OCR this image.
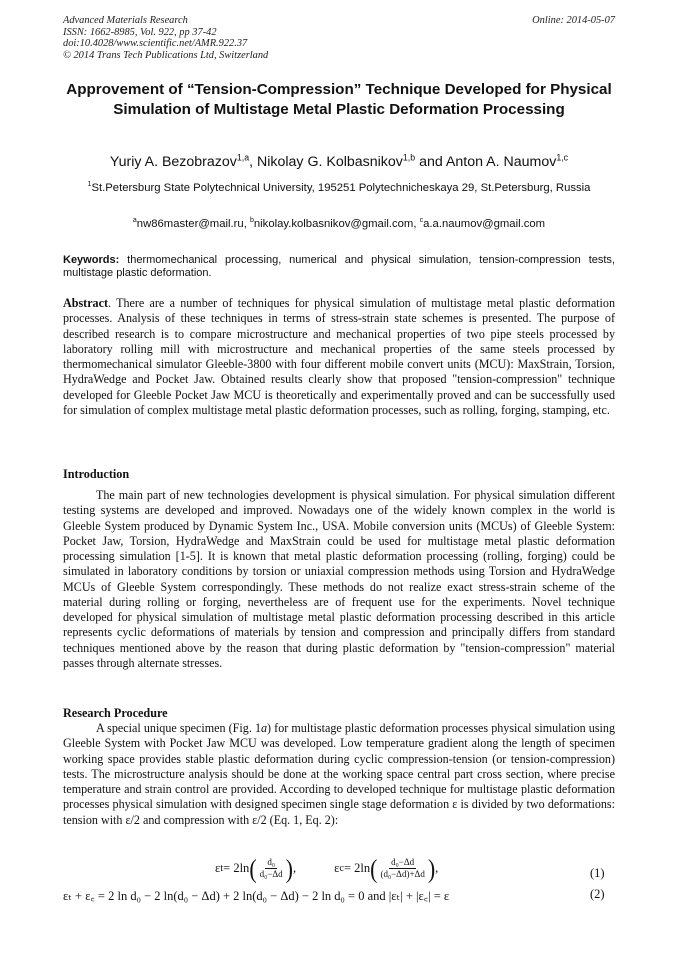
Advanced Materials Research
ISSN: 1662-8985, Vol. 922, pp 37-42
doi:10.4028/www.scientific.net/AMR.922.37
© 2014 Trans Tech Publications Ltd, Switzerland
Online: 2014-05-07
Approvement of “Tension-Compression” Technique Developed for Physical Simulation of Multistage Metal Plastic Deformation Processing
Yuriy A. Bezobrazov$^{1,a}$, Nikolay G. Kolbasnikov$^{1,b}$ and Anton A. Naumov$^{1,c}$
$^1$St.Petersburg State Polytechnical University, 195251 Polytechnicheskaya 29, St.Petersburg, Russia
$^a$nw86master@mail.ru, $^b$nikolay.kolbasnikov@gmail.com, $^c$a.a.naumov@gmail.com
Keywords: thermomechanical processing, numerical and physical simulation, tension-compression tests, multistage plastic deformation.
Abstract. There are a number of techniques for physical simulation of multistage metal plastic deformation processes. Analysis of these techniques in terms of stress-strain state schemes is presented. The purpose of described research is to compare microstructure and mechanical properties of two pipe steels processed by laboratory rolling mill with microstructure and mechanical properties of the same steels processed by thermomechanical simulator Gleeble-3800 with four different mobile convert units (MCU): MaxStrain, Torsion, HydraWedge and Pocket Jaw. Obtained results clearly show that proposed "tension-compression" technique developed for Gleeble Pocket Jaw MCU is theoretically and experimentally proved and can be successfully used for simulation of complex multistage metal plastic deformation processes, such as rolling, forging, stamping, etc.
Introduction
The main part of new technologies development is physical simulation. For physical simulation different testing systems are developed and improved. Nowadays one of the widely known complex in the world is Gleeble System produced by Dynamic System Inc., USA. Mobile conversion units (MCUs) of Gleeble System: Pocket Jaw, Torsion, HydraWedge and MaxStrain could be used for multistage metal plastic deformation processing simulation [1-5]. It is known that metal plastic deformation processing (rolling, forging) could be simulated in laboratory conditions by torsion or uniaxial compression methods using Torsion and HydraWedge MCUs of Gleeble System correspondingly. These methods do not realize exact stress-strain scheme of the material during rolling or forging, nevertheless are of frequent use for the experiments. Novel technique developed for physical simulation of multistage metal plastic deformation processing described in this article represents cyclic deformations of materials by tension and compression and principally differs from standard techniques mentioned above by the reason that during plastic deformation by "tension-compression" material passes through alternate stresses.
Research Procedure
A special unique specimen (Fig. 1a) for multistage plastic deformation processes physical simulation using Gleeble System with Pocket Jaw MCU was developed. Low temperature gradient along the length of specimen working space provides stable plastic deformation during cyclic compression-tension (or tension-compression) tests. The microstructure analysis should be done at the working space central part cross section, where precise temperature and strain control are provided. According to developed technique for multistage plastic deformation processes physical simulation with designed specimen single stage deformation ε is divided by two deformations: tension with ε/2 and compression with ε/2 (Eq. 1, Eq. 2):
ε t = 2ln ( $\frac{\text{d₀}}{\text{d₀−Δd}}$ ) ,	ε c = 2ln ( $\frac{\text{d₀−Δd}}{\text{(d₀−Δd)+Δd}}$ ) ,	(1)
εₜ + ε꜀ = 2 ln d₀ − 2 ln(d₀ − Δd) + 2 ln(d₀ − Δd) − 2 ln d₀ = 0 and |εₜ| + |ε꜀| = ε	(2)
